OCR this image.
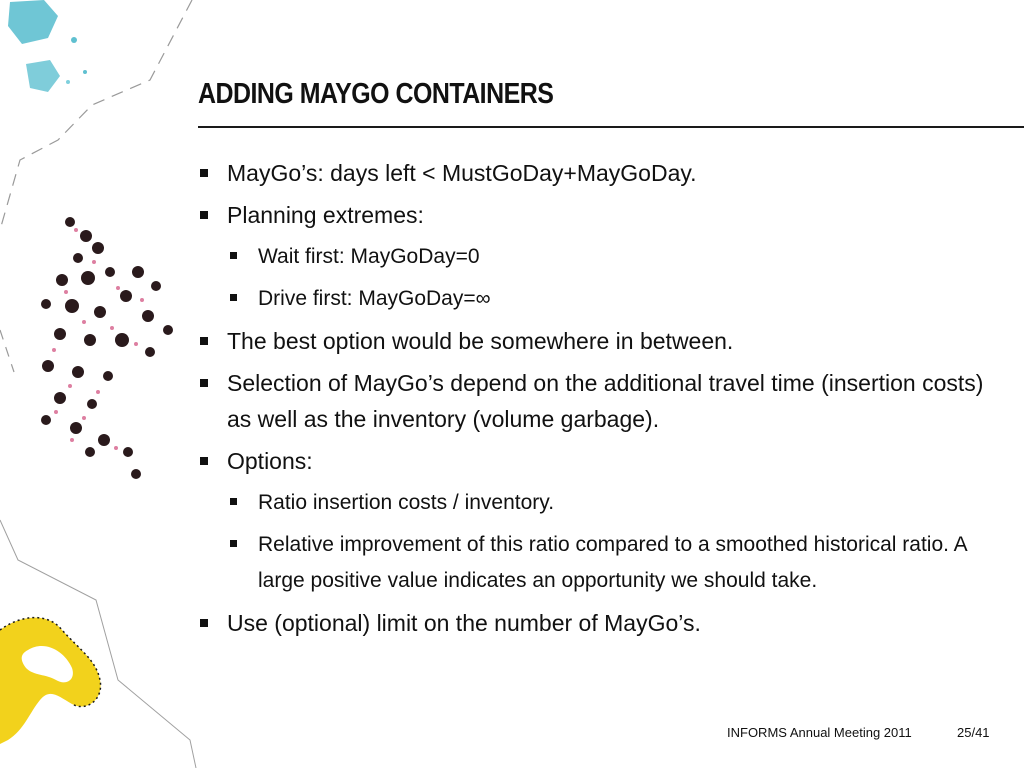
ADDING MAYGO CONTAINERS
MayGo’s: days left < MustGoDay+MayGoDay.
Planning extremes:
Wait first: MayGoDay=0
Drive first: MayGoDay=∞
The best option would be somewhere in between.
Selection of MayGo’s depend on the additional travel time (insertion costs) as well as the inventory (volume garbage).
Options:
Ratio insertion costs / inventory.
Relative improvement of this ratio compared to a smoothed historical ratio. A large positive value indicates an opportunity we should take.
Use (optional) limit on the number of MayGo’s.
INFORMS Annual Meeting 2011	25/41
